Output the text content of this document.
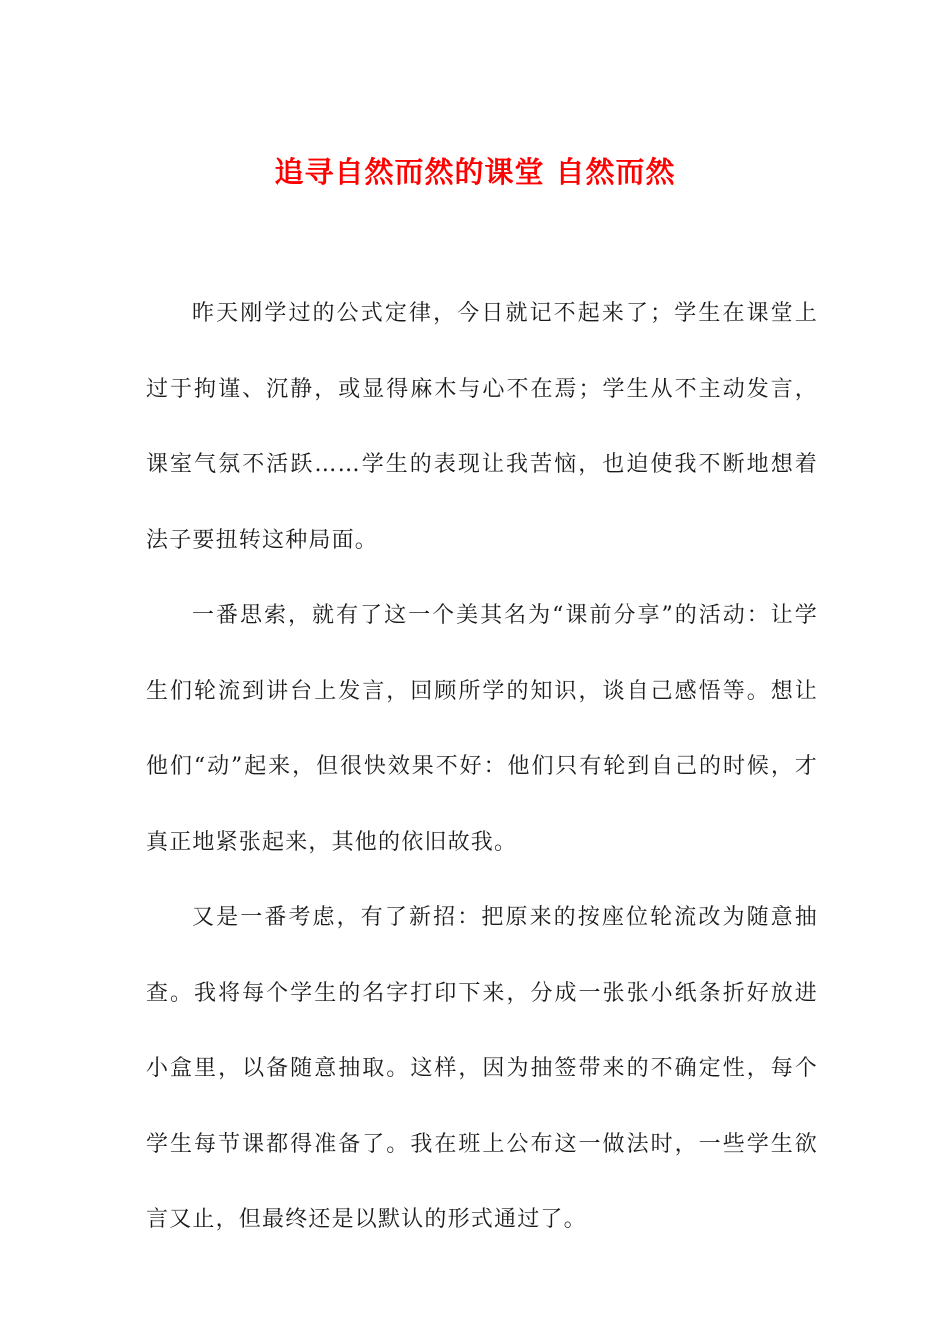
追寻自然而然的课堂 自然而然

昨天刚学过的公式定律，今日就记不起来了；学生在课堂上过于拘谨、沉静，或显得麻木与心不在焉；学生从不主动发言，课室气氛不活跃……学生的表现让我苦恼，也迫使我不断地想着法子要扭转这种局面。

一番思索，就有了这一个美其名为“课前分享”的活动：让学生们轮流到讲台上发言，回顾所学的知识，谈自己感悟等。想让他们“动”起来，但很快效果不好：他们只有轮到自己的时候，才真正地紧张起来，其他的依旧故我。

又是一番考虑，有了新招：把原来的按座位轮流改为随意抽查。我将每个学生的名字打印下来，分成一张张小纸条折好放进小盒里，以备随意抽取。这样，因为抽签带来的不确定性，每个学生每节课都得准备了。我在班上公布这一做法时，一些学生欲言又止，但最终还是以默认的形式通过了。
